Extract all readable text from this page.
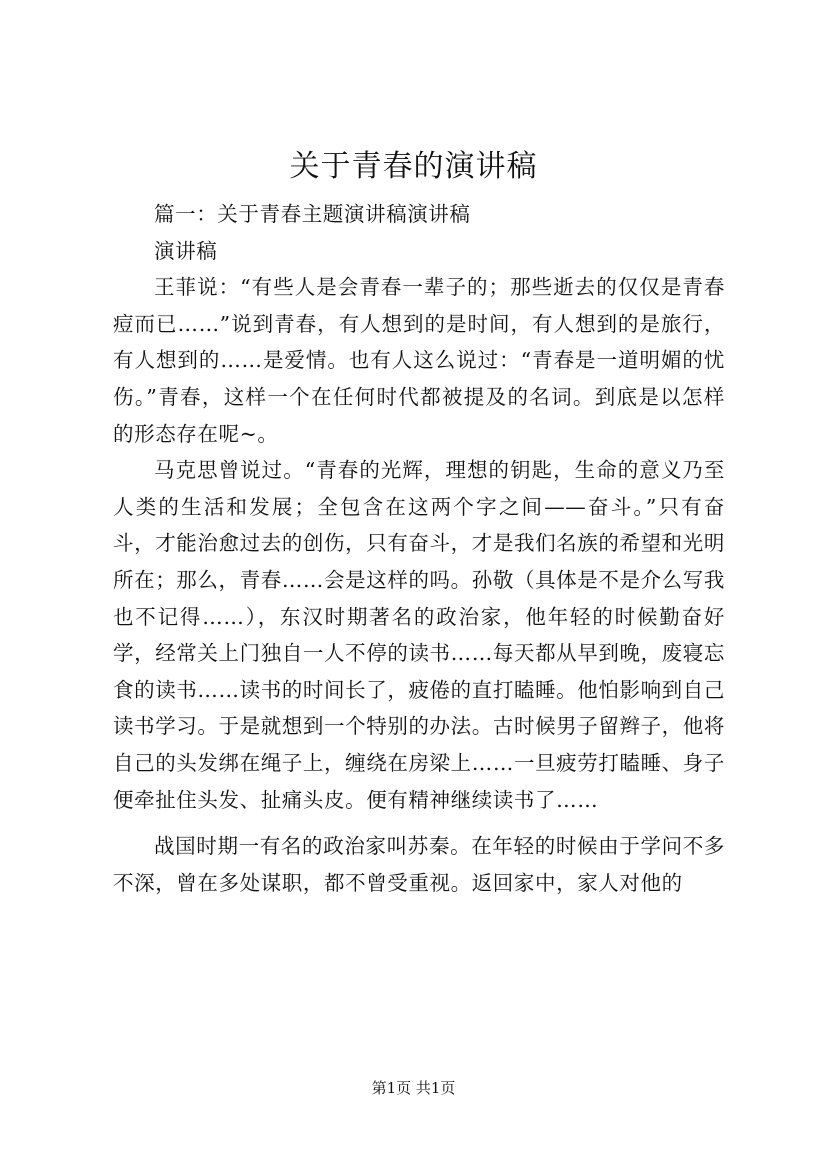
关于青春的演讲稿

篇一：关于青春主题演讲稿演讲稿

演讲稿

王菲说：“有些人是会青春一辈子的；那些逝去的仅仅是青春痘而已……”说到青春，有人想到的是时间，有人想到的是旅行，有人想到的……是爱情。也有人这么说过：“青春是一道明媚的忧伤。”青春，这样一个在任何时代都被提及的名词。到底是以怎样的形态存在呢~。

马克思曾说过。“青春的光辉，理想的钥匙，生命的意义乃至人类的生活和发展；全包含在这两个字之间——奋斗。”只有奋斗，才能治愈过去的创伤，只有奋斗，才是我们名族的希望和光明所在；那么，青春……会是这样的吗。孙敬（具体是不是介么写我也不记得……），东汉时期著名的政治家，他年轻的时候勤奋好学，经常关上门独自一人不停的读书……每天都从早到晚，废寝忘食的读书……读书的时间长了，疲倦的直打瞌睡。他怕影响到自己读书学习。于是就想到一个特别的办法。古时候男子留辫子，他将自己的头发绑在绳子上，缠绕在房梁上……一旦疲劳打瞌睡、身子便牵扯住头发、扯痛头皮。便有精神继续读书了……

战国时期一有名的政治家叫苏秦。在年轻的时候由于学问不多不深，曾在多处谋职，都不曾受重视。返回家中，家人对他的

第1页 共1页
